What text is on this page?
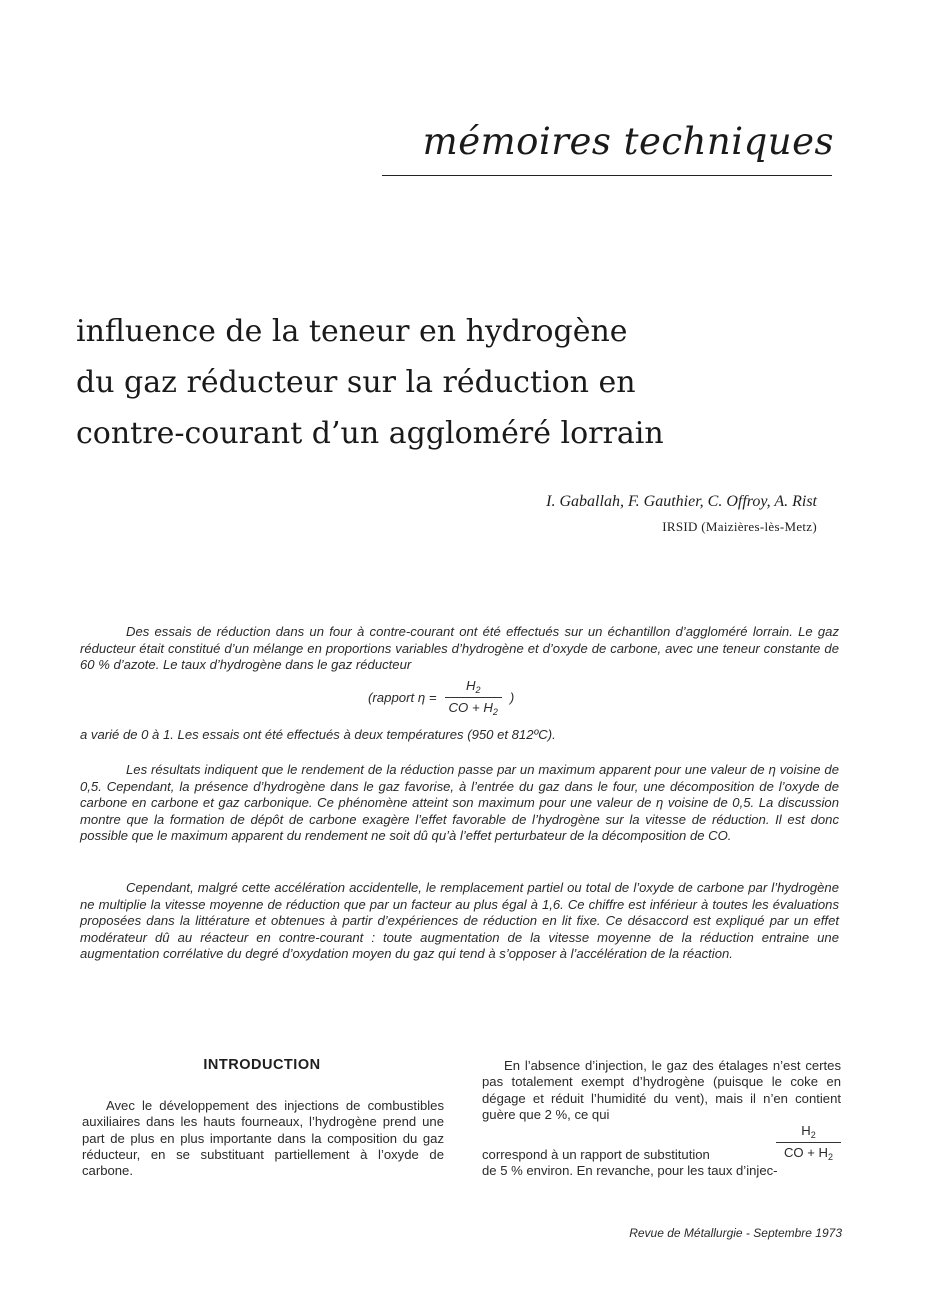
mémoires techniques
influence de la teneur en hydrogène
du gaz réducteur sur la réduction en
contre-courant d’un aggloméré lorrain
I. Gaballah, F. Gauthier, C. Offroy, A. Rist
IRSID (Maizières-lès-Metz)

Des essais de réduction dans un four à contre-courant ont été effectués sur un échantillon d’aggloméré lorrain. Le gaz réducteur était constitué d’un mélange en proportions variables d’hydrogène et d’oxyde de carbone, avec une teneur constante de 60 % d’azote. Le taux d’hydrogène dans le gaz réducteur

(rapport $\eta = \frac{H_2}{CO + H_2}$ )

a varié de 0 à 1. Les essais ont été effectués à deux températures (950 et 812ºC).

Les résultats indiquent que le rendement de la réduction passe par un maximum apparent pour une valeur de η voisine de 0,5. Cependant, la présence d’hydrogène dans le gaz favorise, à l’entrée du gaz dans le four, une décomposition de l’oxyde de carbone en carbone et gaz carbonique. Ce phénomène atteint son maximum pour une valeur de η voisine de 0,5. La discussion montre que la formation de dépôt de carbone exagère l’effet favorable de l’hydrogène sur la vitesse de réduction. Il est donc possible que le maximum apparent du rendement ne soit dû qu’à l’effet perturbateur de la décomposition de CO.

Cependant, malgré cette accélération accidentelle, le remplacement partiel ou total de l’oxyde de carbone par l’hydrogène ne multiplie la vitesse moyenne de réduction que par un facteur au plus égal à 1,6. Ce chiffre est inférieur à toutes les évaluations proposées dans la littérature et obtenues à partir d’expériences de réduction en lit fixe. Ce désaccord est expliqué par un effet modérateur dû au réacteur en contre-courant : toute augmentation de la vitesse moyenne de la réduction entraine une augmentation corrélative du degré d’oxydation moyen du gaz qui tend à s’opposer à l’accélération de la réaction.

INTRODUCTION

Avec le développement des injections de combustibles auxiliaires dans les hauts fourneaux, l’hydrogène prend une part de plus en plus importante dans la composition du gaz réducteur, en se substituant partiellement à l’oxyde de carbone.

En l’absence d’injection, le gaz des étalages n’est certes pas totalement exempt d’hydrogène (puisque le coke en dégage et réduit l’humidité du vent), mais il n’en contient guère que 2 %, ce qui

correspond à un rapport de substitution	$\frac{H_2}{CO + H_2}$

de 5 % environ. En revanche, pour les taux d’injec-

Revue de Métallurgie - Septembre 1973
